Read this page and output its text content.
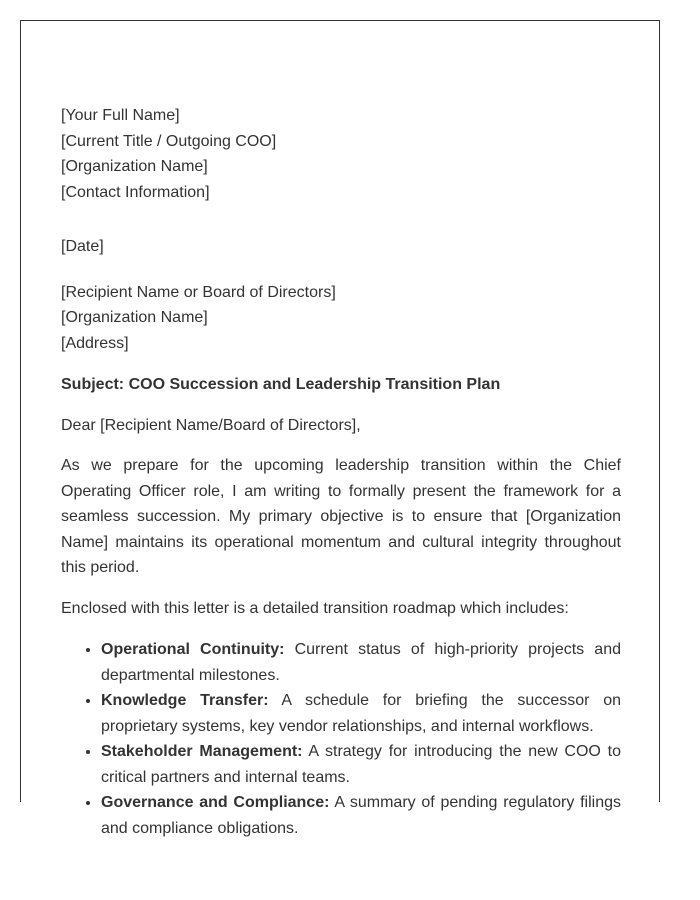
[Your Full Name]
[Current Title / Outgoing COO]
[Organization Name]
[Contact Information]
[Date]
[Recipient Name or Board of Directors]
[Organization Name]
[Address]
Subject: COO Succession and Leadership Transition Plan
Dear [Recipient Name/Board of Directors],

As we prepare for the upcoming leadership transition within the Chief Operating Officer role, I am writing to formally present the framework for a seamless succession. My primary objective is to ensure that [Organization Name] maintains its operational momentum and cultural integrity throughout this period.

Enclosed with this letter is a detailed transition roadmap which includes:

• Operational Continuity: Current status of high-priority projects and departmental milestones.
• Knowledge Transfer: A schedule for briefing the successor on proprietary systems, key vendor relationships, and internal workflows.
• Stakeholder Management: A strategy for introducing the new COO to critical partners and internal teams.
• Governance and Compliance: A summary of pending regulatory filings and compliance obligations.
